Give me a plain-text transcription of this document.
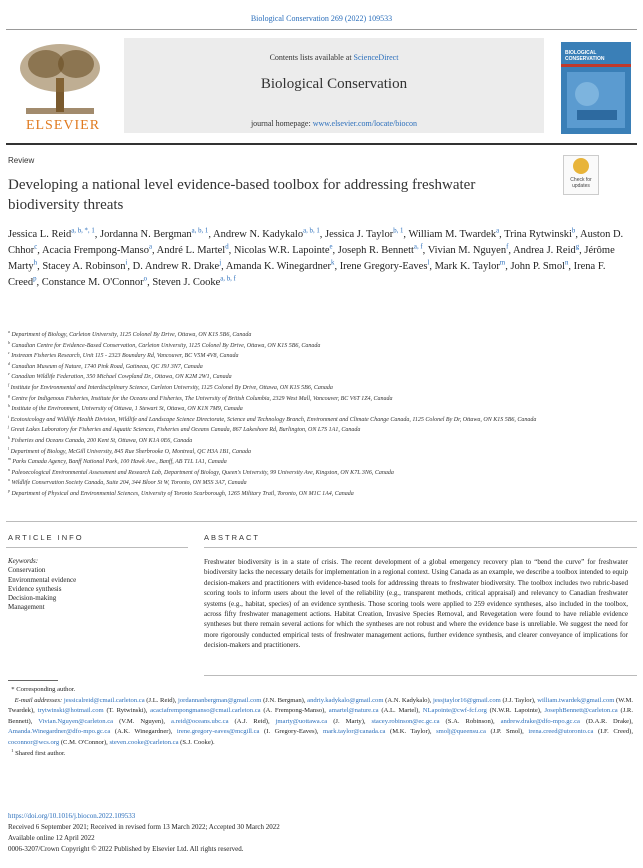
Biological Conservation 269 (2022) 109533
ELSEVIER
Contents lists available at ScienceDirect
Biological Conservation
journal homepage: www.elsevier.com/locate/biocon
BIOLOGICAL CONSERVATION
Review
Check for updates
Developing a national level evidence-based toolbox for addressing freshwater biodiversity threats
Jessica L. Reid$^{a, b, *, 1}$, Jordanna N. Bergman$^{a, b, 1}$, Andrew N. Kadykalo$^{a, b, 1}$, Jessica J. Taylor$^{b, 1}$, William M. Twardek$^a$, Trina Rytwinski$^b$, Auston D. Chhor$^c$, Acacia Frempong-Manso$^a$, André L. Martel$^d$, Nicolas W.R. Lapointe$^e$, Joseph R. Bennett$^{a, f}$, Vivian M. Nguyen$^f$, Andrea J. Reid$^g$, Jérôme Marty$^h$, Stacey A. Robinson$^i$, D. Andrew R. Drake$^j$, Amanda K. Winegardner$^k$, Irene Gregory-Eaves$^l$, Mark K. Taylor$^m$, John P. Smol$^n$, Irena F. Creed$^p$, Constance M. O'Connor$^o$, Steven J. Cooke$^{a, b, f}$
$^a$ Department of Biology, Carleton University, 1125 Colonel By Drive, Ottawa, ON K1S 5B6, Canada
$^b$ Canadian Centre for Evidence-Based Conservation, Carleton University, 1125 Colonel By Drive, Ottawa, ON K1S 5B6, Canada
$^c$ Instream Fisheries Research, Unit 115 - 2323 Boundary Rd, Vancouver, BC V5M 4V8, Canada
$^d$ Canadian Museum of Nature, 1740 Pink Road, Gatineau, QC J9J 3N7, Canada
$^e$ Canadian Wildlife Federation, 350 Michael Cowpland Dr., Ottawa, ON K2M 2W1, Canada
$^f$ Institute for Environmental and Interdisciplinary Science, Carleton University, 1125 Colonel By Drive, Ottawa, ON K1S 5B6, Canada
$^g$ Centre for Indigenous Fisheries, Institute for the Oceans and Fisheries, The University of British Columbia, 2329 West Mall, Vancouver, BC V6T 1Z4, Canada
$^h$ Institute of the Environment, University of Ottawa, 1 Stewart St, Ottawa, ON K1N 7M9, Canada
$^i$ Ecotoxicology and Wildlife Health Division, Wildlife and Landscape Science Directorate, Science and Technology Branch, Environment and Climate Change Canada, 1125 Colonel By Dr, Ottawa, ON K1S 5B6, Canada
$^j$ Great Lakes Laboratory for Fisheries and Aquatic Sciences, Fisheries and Oceans Canada, 867 Lakeshore Rd, Burlington, ON L7S 1A1, Canada
$^k$ Fisheries and Oceans Canada, 200 Kent St, Ottawa, ON K1A 0E6, Canada
$^l$ Department of Biology, McGill University, 845 Rue Sherbrooke O, Montreal, QC H3A 1B1, Canada
$^m$ Parks Canada Agency, Banff National Park, 100 Hawk Ave., Banff, AB T1L 1A1, Canada
$^n$ Paleoecological Environmental Assessment and Research Lab, Department of Biology, Queen's University, 99 University Ave, Kingston, ON K7L 3N6, Canada
$^o$ Wildlife Conservation Society Canada, Suite 204, 344 Bloor St W, Toronto, ON M5S 3A7, Canada
$^p$ Department of Physical and Environmental Sciences, University of Toronto Scarborough, 1265 Military Trail, Toronto, ON M1C 1A4, Canada
ARTICLE INFO	ABSTRACT
Keywords:
Conservation
Environmental evidence
Evidence synthesis
Decision-making
Management
Freshwater biodiversity is in a state of crisis. The recent development of a global emergency recovery plan to “bend the curve” for freshwater biodiversity lacks the necessary details for implementation in a regional context. Using Canada as an example, we describe a toolbox intended to equip decision-makers and practitioners with evidence-based tools for addressing threats to freshwater biodiversity. The toolbox includes two rubric-based scoring tools to inform users about the level of the reliability (e.g., transparent methods, critical appraisal) and relevancy to Canadian freshwater systems (e.g., habitat, species) of an evidence synthesis. Those scoring tools were applied to 259 evidence syntheses, also included in the toolbox, across fifty freshwater management actions. Habitat Creation, Invasive Species Removal, and Revegetation were found to have reliable evidence syntheses but there remain several actions for which the syntheses are not robust and where the evidence base is unreliable. We suggest the need for more rigorously conducted empirical tests of freshwater management actions, further evidence synthesis, and clearer conveyance of implications for decision-makers and practitioners.
* Corresponding author.
E-mail addresses: jessicalreid@cmail.carleton.ca (J.L. Reid), jordannanbergman@gmail.com (J.N. Bergman), andriy.kadykalo@gmail.com (A.N. Kadykalo), jessjtaylor16@gmail.com (J.J. Taylor), william.twardek@gmail.com (W.M. Twardek), trytwinski@hotmail.com (T. Rytwinski), acaciafrempongmanso@cmail.carleton.ca (A. Frempong-Manso), amartel@nature.ca (A.L. Martel), NLapointe@cwf-fcf.org (N.W.R. Lapointe), JosephBennett@carleton.ca (J.R. Bennett), Vivian.Nguyen@carleton.ca (V.M. Nguyen), a.reid@oceans.ubc.ca (A.J. Reid), jmarty@uottawa.ca (J. Marty), stacey.robinson@ec.gc.ca (S.A. Robinson), andrew.drake@dfo-mpo.gc.ca (D.A.R. Drake), Amanda.Winegardner@dfo-mpo.gc.ca (A.K. Winegardner), irene.gregory-eaves@mcgill.ca (I. Gregory-Eaves), mark.taylor@canada.ca (M.K. Taylor), smolj@queensu.ca (J.P. Smol), irena.creed@utoronto.ca (I.F. Creed), coconnor@wcs.org (C.M. O'Connor), steven.cooke@carleton.ca (S.J. Cooke).
$^1$ Shared first author.
https://doi.org/10.1016/j.biocon.2022.109533
Received 6 September 2021; Received in revised form 13 March 2022; Accepted 30 March 2022
Available online 12 April 2022
0006-3207/Crown Copyright © 2022 Published by Elsevier Ltd. All rights reserved.
